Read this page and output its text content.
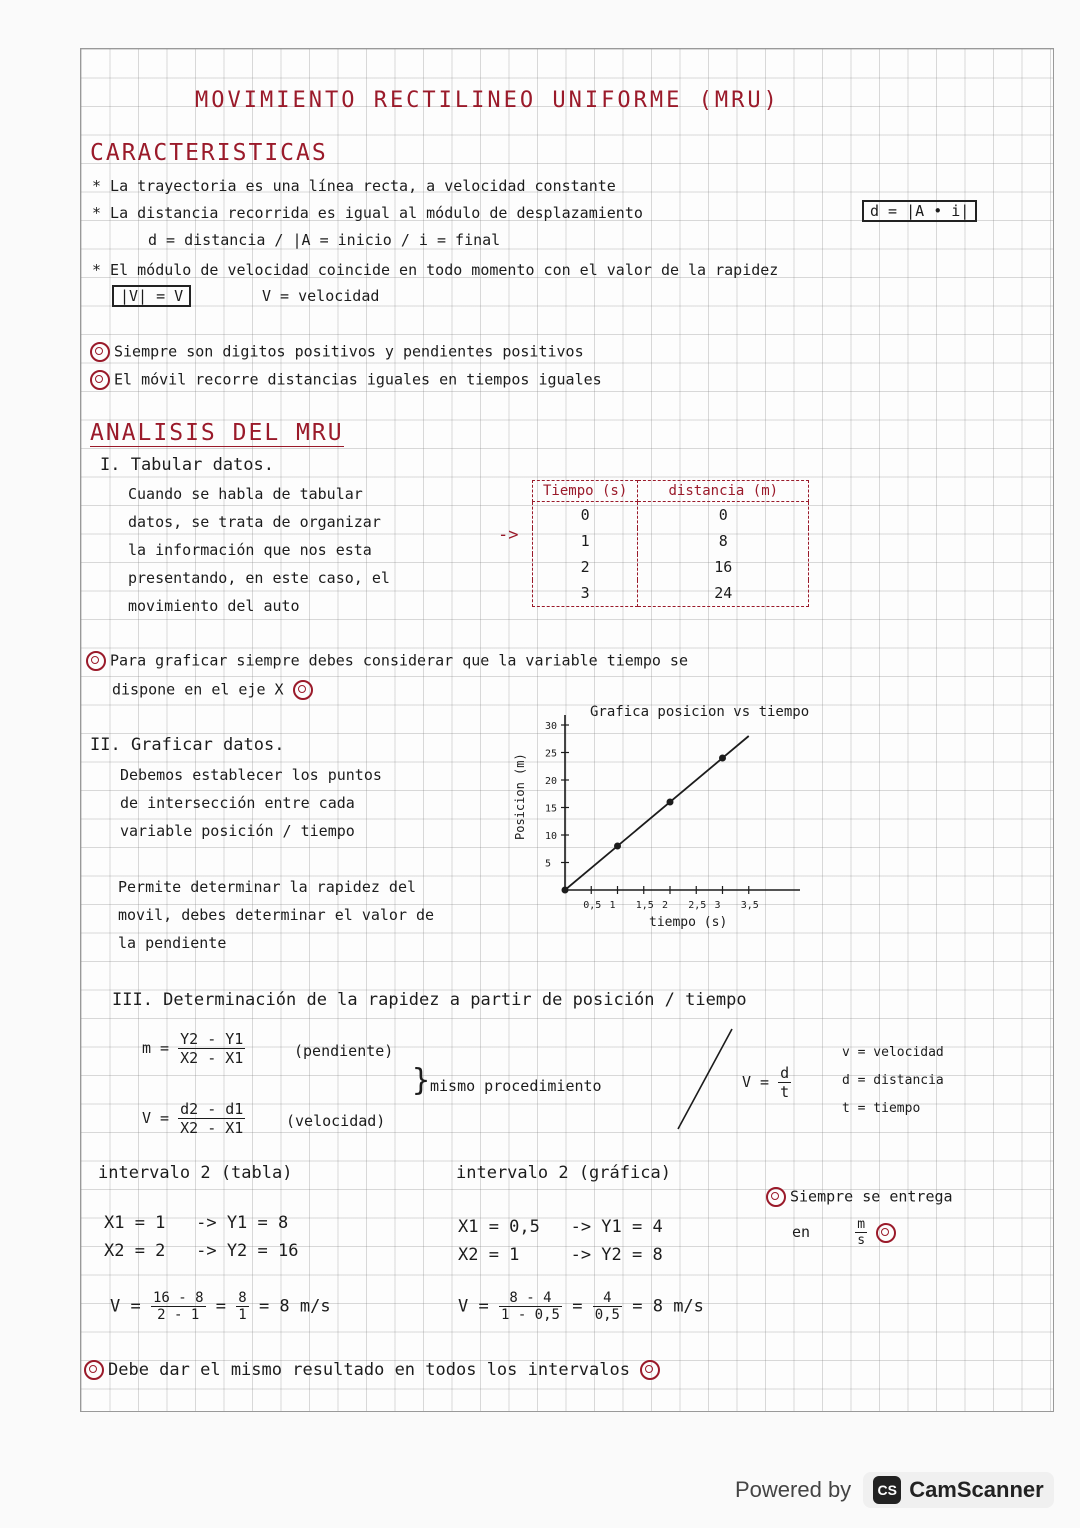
MOVIMIENTO RECTILINEO UNIFORME (MRU)
CARACTERISTICAS
* La trayectoria es una línea recta, a velocidad constante
* La distancia recorrida es igual al módulo de desplazamiento	d = |A • i|
d = distancia / |A = inicio / i = final
* El módulo de velocidad coincide en todo momento con el valor de la rapidez
|V| = V	V = velocidad
Siempre son digitos positivos y pendientes positivos
El móvil recorre distancias iguales en tiempos iguales
ANALISIS DEL MRU
I. Tabular datos.
Cuando se habla de tabular
datos, se trata de organizar
la información que nos esta
presentando, en este caso, el
movimiento del auto
->
Tiempo (s)	distancia (m)
0	0
1	8
2	16
3	24
Para graficar siempre debes considerar que la variable tiempo se
dispone en el eje X
II. Graficar datos.
Debemos establecer los puntos
de intersección entre cada
variable posición / tiempo
Permite determinar la rapidez del
movil, debes determinar el valor de
la pendiente
Grafica posicion vs tiempo
0,5 1 1,5 2 2,5 3 3,5
5
10
15
20
25
30
tiempo (s)
Posicion (m)
III. Determinación de la rapidez a partir de posición / tiempo
$m = \frac{Y2 - Y1}{X2 - X1}$	(pendiente)
$V = \frac{d2 - d1}{X2 - X1}$	(velocidad)
} mismo procedimiento	$V = \frac{d}{t}$
v = velocidad
d = distancia
t = tiempo
intervalo 2 (tabla)
X1 = 1   -> Y1 = 8
X2 = 2   -> Y2 = 16
$V = \frac{16 - 8}{2 - 1} = \frac{8}{1} = 8$ m/s
intervalo 2 (gráfica)
X1 = 0,5   -> Y1 = 4
X2 = 1     -> Y2 = 8
$V = \frac{8 - 4}{1 - 0,5} = \frac{4}{0,5} = 8$ m/s
Siempre se entrega
en	$\frac{m}{s}$

Debe dar el mismo resultado en todos los intervalos
Powered by	CS CamScanner
